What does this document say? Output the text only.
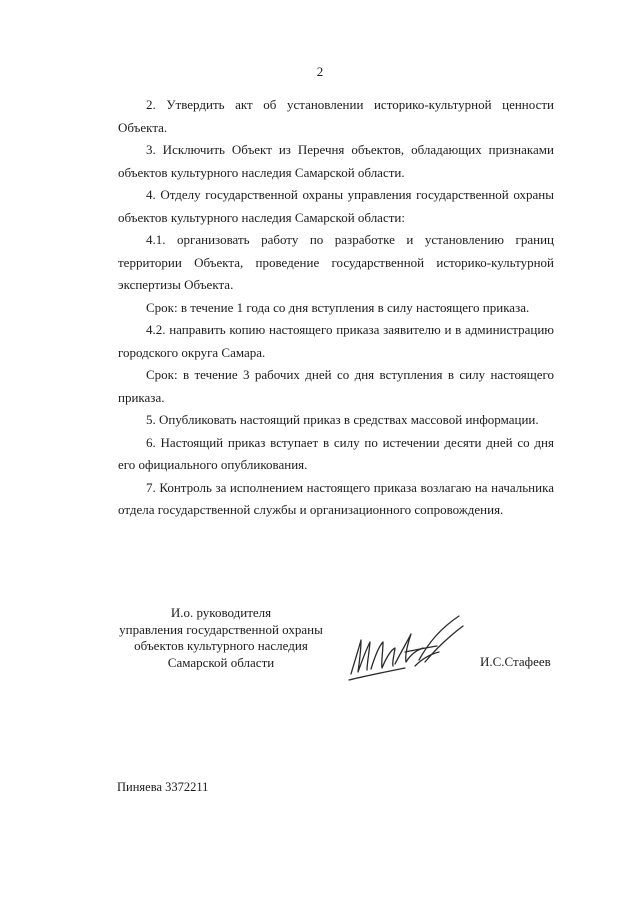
2

2. Утвердить акт об установлении историко-культурной ценности Объекта.

3. Исключить Объект из Перечня объектов, обладающих признаками объектов культурного наследия Самарской области.

4. Отделу государственной охраны управления государственной охраны объектов культурного наследия Самарской области:

4.1. организовать работу по разработке и установлению границ территории Объекта, проведение государственной историко-культурной экспертизы Объекта.

Срок: в течение 1 года со дня вступления в силу настоящего приказа.

4.2. направить копию настоящего приказа заявителю и в администрацию городского округа Самара.

Срок: в течение 3 рабочих дней со дня вступления в силу настоящего приказа.

5. Опубликовать настоящий приказ в средствах массовой информации.

6. Настоящий приказ вступает в силу по истечении десяти дней со дня его официального опубликования.

7. Контроль за исполнением настоящего приказа возлагаю на начальника отдела государственной службы и организационного сопровождения.

И.о. руководителя
управления государственной охраны
объектов культурного наследия
Самарской области	И.С.Стафеев
Пиняева 3372211
